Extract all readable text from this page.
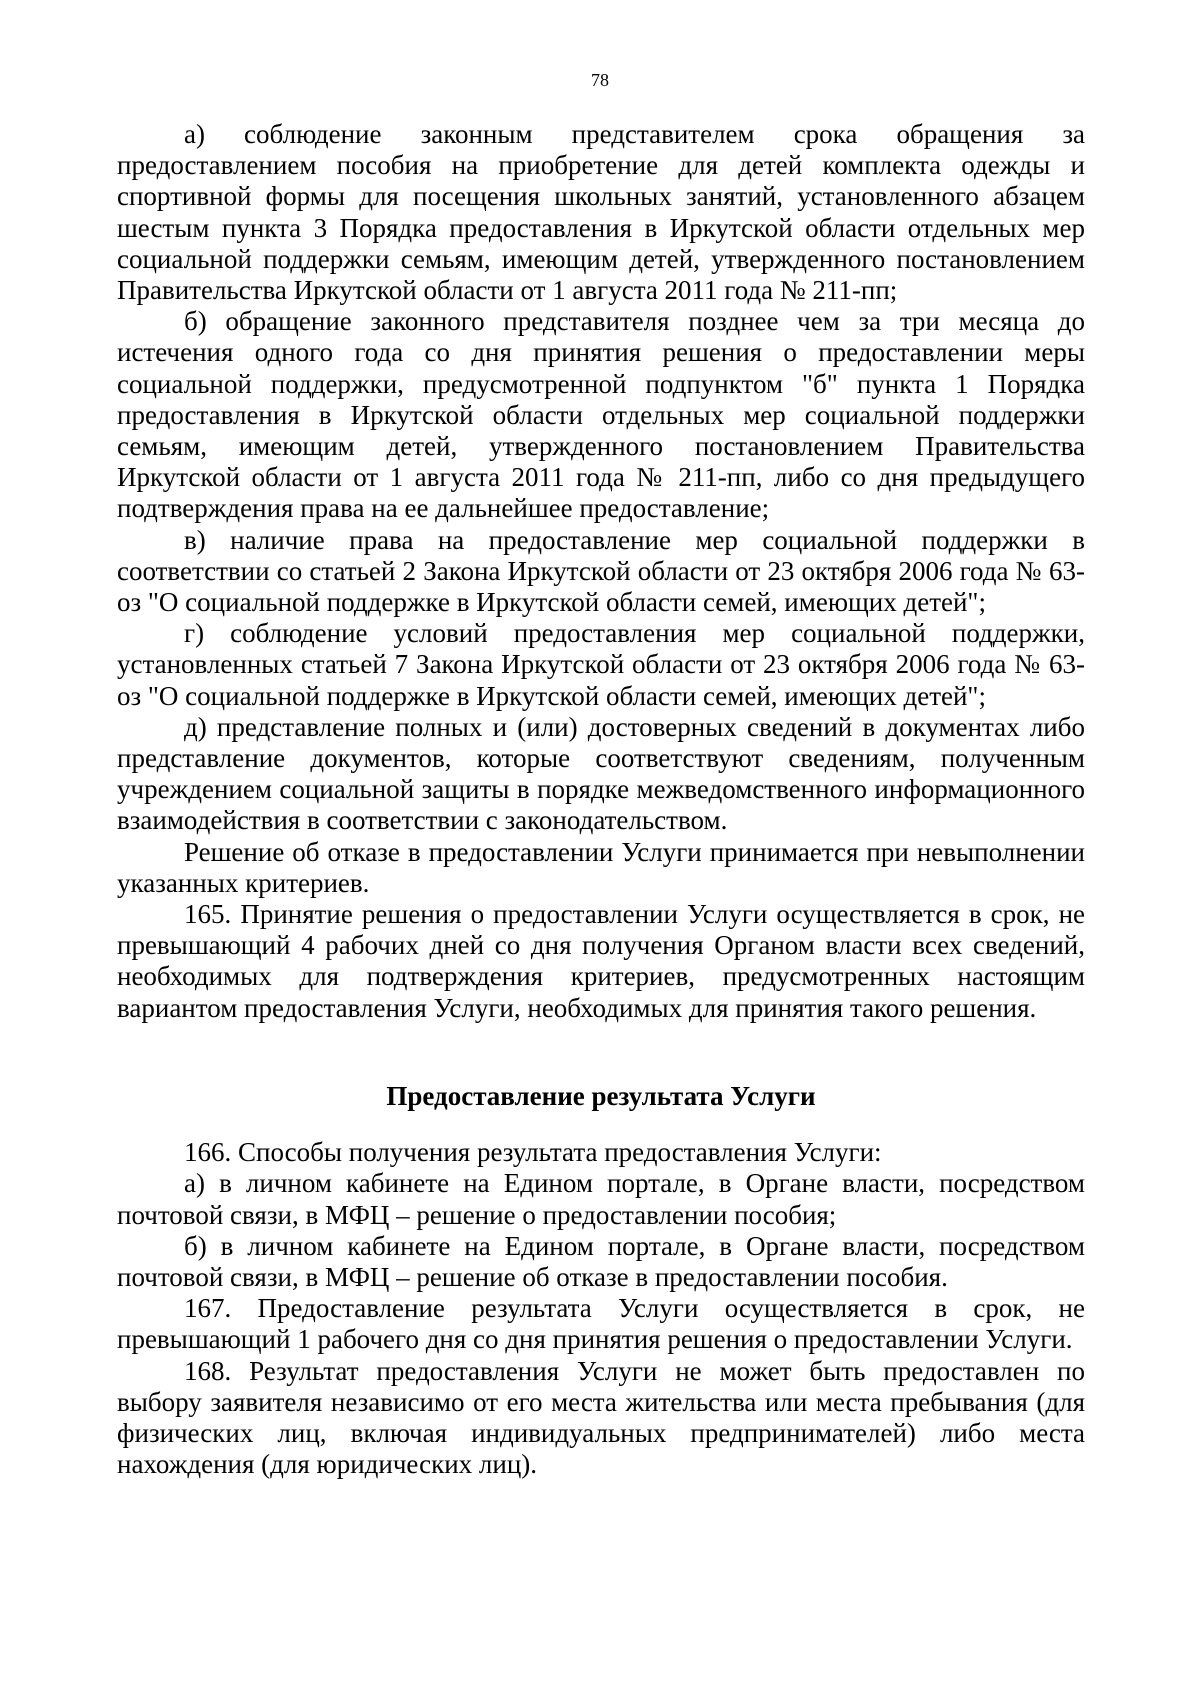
78

а) соблюдение законным представителем срока обращения за предоставлением пособия на приобретение для детей комплекта одежды и спортивной формы для посещения школьных занятий, установленного абзацем шестым пункта 3 Порядка предоставления в Иркутской области отдельных мер социальной поддержки семьям, имеющим детей, утвержденного постановлением Правительства Иркутской области от 1 августа 2011 года № 211-пп;

б) обращение законного представителя позднее чем за три месяца до истечения одного года со дня принятия решения о предоставлении меры социальной поддержки, предусмотренной подпунктом "б" пункта 1 Порядка предоставления в Иркутской области отдельных мер социальной поддержки семьям, имеющим детей, утвержденного постановлением Правительства Иркутской области от 1 августа 2011 года № 211-пп, либо со дня предыдущего подтверждения права на ее дальнейшее предоставление;

в) наличие права на предоставление мер социальной поддержки в соответствии со статьей 2 Закона Иркутской области от 23 октября 2006 года № 63-оз "О социальной поддержке в Иркутской области семей, имеющих детей";

г) соблюдение условий предоставления мер социальной поддержки, установленных статьей 7 Закона Иркутской области от 23 октября 2006 года № 63-оз "О социальной поддержке в Иркутской области семей, имеющих детей";

д) представление полных и (или) достоверных сведений в документах либо представление документов, которые соответствуют сведениям, полученным учреждением социальной защиты в порядке межведомственного информационного взаимодействия в соответствии с законодательством.

Решение об отказе в предоставлении Услуги принимается при невыполнении указанных критериев.

165. Принятие решения о предоставлении Услуги осуществляется в срок, не превышающий 4 рабочих дней со дня получения Органом власти всех сведений, необходимых для подтверждения критериев, предусмотренных настоящим вариантом предоставления Услуги, необходимых для принятия такого решения.

Предоставление результата Услуги

166. Способы получения результата предоставления Услуги:

а) в личном кабинете на Едином портале, в Органе власти, посредством почтовой связи, в МФЦ – решение о предоставлении пособия;

б) в личном кабинете на Едином портале, в Органе власти, посредством почтовой связи, в МФЦ – решение об отказе в предоставлении пособия.

167. Предоставление результата Услуги осуществляется в срок, не превышающий 1 рабочего дня со дня принятия решения о предоставлении Услуги.

168. Результат предоставления Услуги не может быть предоставлен по выбору заявителя независимо от его места жительства или места пребывания (для физических лиц, включая индивидуальных предпринимателей) либо места нахождения (для юридических лиц).
